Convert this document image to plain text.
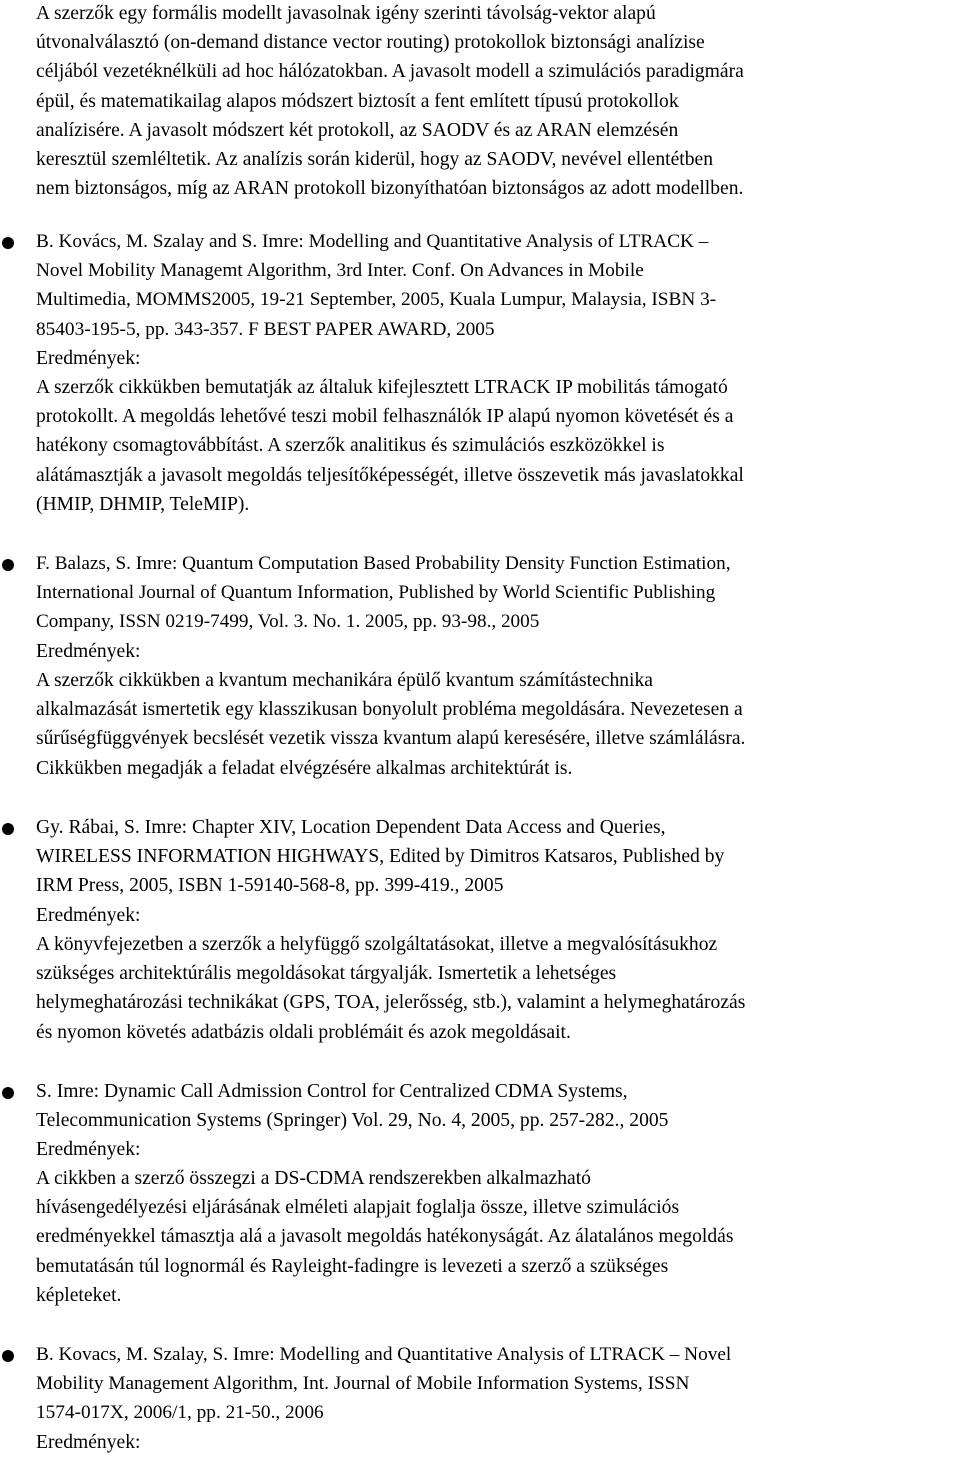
A szerzők egy formális modellt javasolnak igény szerinti távolság-vektor alapú
útvonalválasztó (on-demand distance vector routing) protokollok biztonsági analízise
céljából vezetéknélküli ad hoc hálózatokban. A javasolt modell a szimulációs paradigmára
épül, és matematikailag alapos módszert biztosít a fent említett típusú protokollok
analízisére. A javasolt módszert két protokoll, az SAODV és az ARAN elemzésén
keresztül szemléltetik. Az analízis során kiderül, hogy az SAODV, nevével ellentétben
nem biztonságos, míg az ARAN protokoll bizonyíthatóan biztonságos az adott modellben.

B. Kovács, M. Szalay and S. Imre: Modelling and Quantitative Analysis of LTRACK –
Novel Mobility Managemt Algorithm, 3rd Inter. Conf. On Advances in Mobile
Multimedia, MOMMS2005, 19-21 September, 2005, Kuala Lumpur, Malaysia, ISBN 3-
85403-195-5, pp. 343-357. F BEST PAPER AWARD, 2005

Eredmények:

A szerzők cikkükben bemutatják az általuk kifejlesztett LTRACK IP mobilitás támogató
protokollt. A megoldás lehetővé teszi mobil felhasználók IP alapú nyomon követését és a
hatékony csomagtovábbítást. A szerzők analitikus és szimulációs eszközökkel is
alátámasztják a javasolt megoldás teljesítőképességét, illetve összevetik más javaslatokkal
(HMIP, DHMIP, TeleMIP).

F. Balazs, S. Imre: Quantum Computation Based Probability Density Function Estimation,
International Journal of Quantum Information, Published by World Scientific Publishing
Company, ISSN 0219-7499, Vol. 3. No. 1. 2005, pp. 93-98., 2005

Eredmények:

A szerzők cikkükben a kvantum mechanikára épülő kvantum számítástechnika
alkalmazását ismertetik egy klasszikusan bonyolult probléma megoldására. Nevezetesen a
sűrűségfüggvények becslését vezetik vissza kvantum alapú keresésére, illetve számlálásra.
Cikkükben megadják a feladat elvégzésére alkalmas architektúrát is.

Gy. Rábai, S. Imre: Chapter XIV, Location Dependent Data Access and Queries,
WIRELESS INFORMATION HIGHWAYS, Edited by Dimitros Katsaros, Published by
IRM Press, 2005, ISBN 1-59140-568-8, pp. 399-419., 2005

Eredmények:

A könyvfejezetben a szerzők a helyfüggő szolgáltatásokat, illetve a megvalósításukhoz
szükséges architektúrális megoldásokat tárgyalják. Ismertetik a lehetséges
helymeghatározási technikákat (GPS, TOA, jelerősség, stb.), valamint a helymeghatározás
és nyomon követés adatbázis oldali problémáit és azok megoldásait.

S. Imre: Dynamic Call Admission Control for Centralized CDMA Systems,
Telecommunication Systems (Springer) Vol. 29, No. 4, 2005, pp. 257-282., 2005

Eredmények:

A cikkben a szerző összegzi a DS-CDMA rendszerekben alkalmazható
hívásengedélyezési eljárásának elméleti alapjait foglalja össze, illetve szimulációs
eredményekkel támasztja alá a javasolt megoldás hatékonyságát. Az álatalános megoldás
bemutatásán túl lognormál és Rayleight-fadingre is levezeti a szerző a szükséges
képleteket.

B. Kovacs, M. Szalay, S. Imre: Modelling and Quantitative Analysis of LTRACK – Novel
Mobility Management Algorithm, Int. Journal of Mobile Information Systems, ISSN
1574-017X, 2006/1, pp. 21-50., 2006

Eredmények:
